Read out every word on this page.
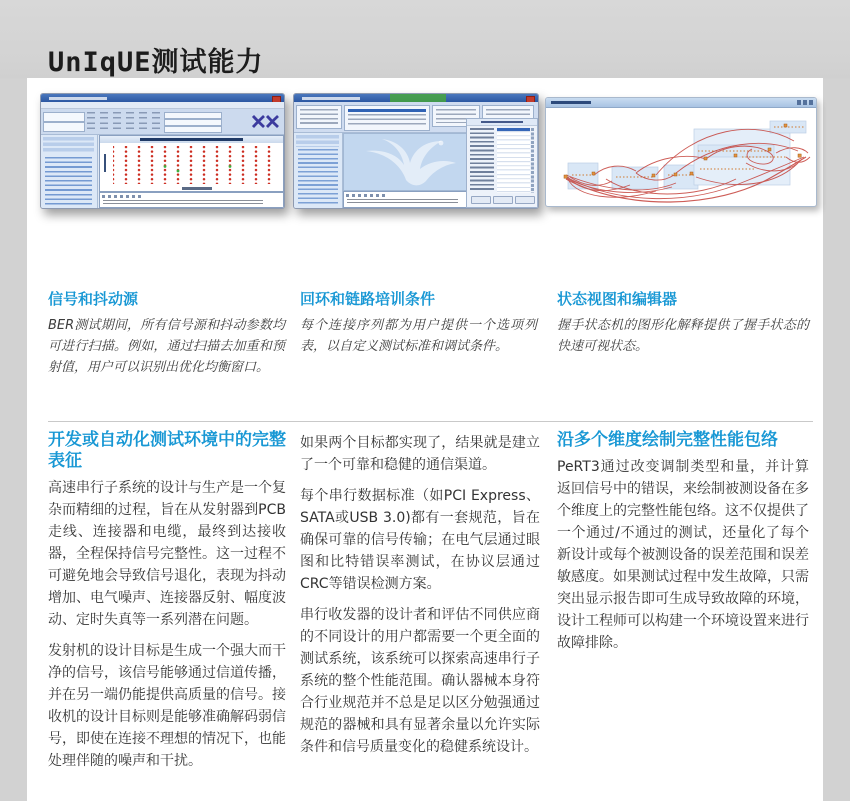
UnIqUE测试能力
信号和抖动源
BER测试期间，所有信号源和抖动参数均可进行扫描。例如，通过扫描去加重和预射值，用户可以识别出优化均衡窗口。
回环和链路培训条件
每个连接序列都为用户提供一个选项列表，以自定义测试标准和调试条件。
状态视图和编辑器
握手状态机的图形化解释提供了握手状态的快速可视状态。
开发或自动化测试环境中的完整表征

高速串行子系统的设计与生产是一个复杂而精细的过程，旨在从发射器到PCB走线、连接器和电缆，最终到达接收器，全程保持信号完整性。这一过程不可避免地会导致信号退化，表现为抖动增加、电气噪声、连接器反射、幅度波动、定时失真等一系列潜在问题。

发射机的设计目标是生成一个强大而干净的信号，该信号能够通过信道传播，并在另一端仍能提供高质量的信号。接收机的设计目标则是能够准确解码弱信号，即使在连接不理想的情况下，也能处理伴随的噪声和干扰。

如果两个目标都实现了，结果就是建立了一个可靠和稳健的通信渠道。

每个串行数据标准（如PCI Express、SATA或USB 3.0)都有一套规范，旨在确保可靠的信号传输；在电气层通过眼图和比特错误率测试，在协议层通过CRC等错误检测方案。

串行收发器的设计者和评估不同供应商的不同设计的用户都需要一个更全面的测试系统，该系统可以探索高速串行子系统的整个性能范围。确认器械本身符合行业规范并不总是足以区分勉强通过规范的器械和具有显著余量以允许实际条件和信号质量变化的稳健系统设计。

沿多个维度绘制完整性能包络

PeRT3通过改变调制类型和量，并计算返回信号中的错误，来绘制被测设备在多个维度上的完整性能包络。这不仅提供了一个通过/不通过的测试，还量化了每个新设计或每个被测设备的误差范围和误差敏感度。如果测试过程中发生故障，只需突出显示报告即可生成导致故障的环境，设计工程师可以构建一个环境设置来进行故障排除。
